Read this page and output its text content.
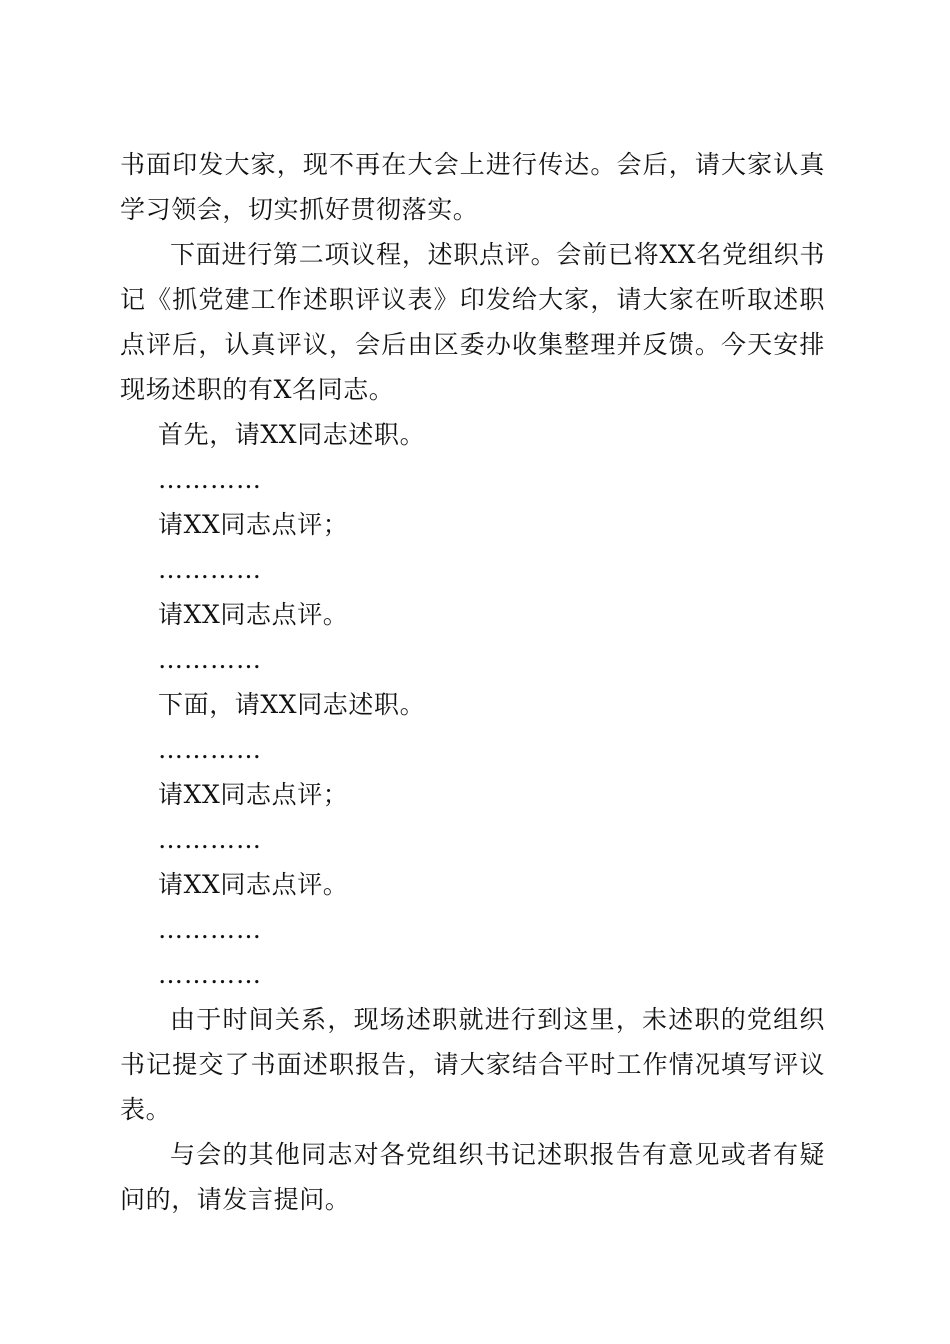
书面印发大家，现不再在大会上进行传达。会后，请大家认真学习领会，切实抓好贯彻落实。

下面进行第二项议程，述职点评。会前已将XX名党组织书记《抓党建工作述职评议表》印发给大家，请大家在听取述职点评后，认真评议，会后由区委办收集整理并反馈。今天安排现场述职的有X名同志。

首先，请XX同志述职。

…………

请XX同志点评；

…………

请XX同志点评。

…………

下面，请XX同志述职。

…………

请XX同志点评；

…………

请XX同志点评。

…………

…………

由于时间关系，现场述职就进行到这里，未述职的党组织书记提交了书面述职报告，请大家结合平时工作情况填写评议表。

与会的其他同志对各党组织书记述职报告有意见或者有疑问的，请发言提问。
